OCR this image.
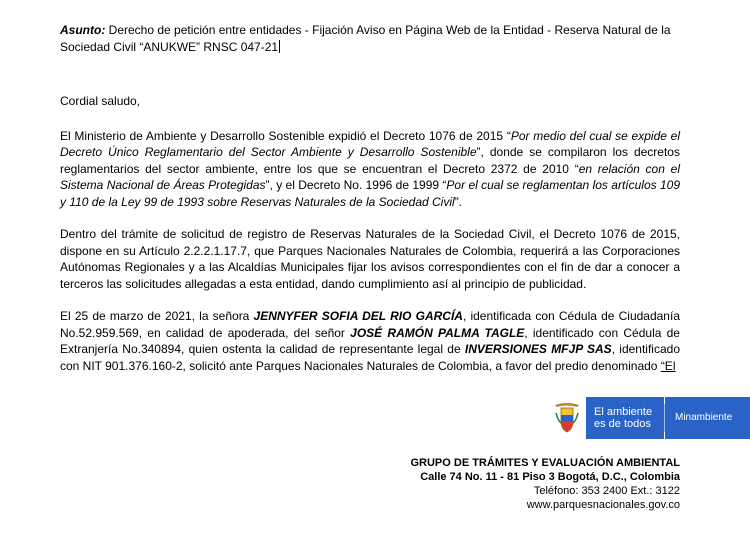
Asunto: Derecho de petición entre entidades - Fijación Aviso en Página Web de la Entidad - Reserva Natural de la
Sociedad Civil “ANUKWE” RNSC 047-21

Cordial saludo,

El Ministerio de Ambiente y Desarrollo Sostenible expidió el Decreto 1076 de 2015 “Por medio del cual se expide el Decreto Único Reglamentario del Sector Ambiente y Desarrollo Sostenible”, donde se compilaron los decretos reglamentarios del sector ambiente, entre los que se encuentran el Decreto 2372 de 2010 “en relación con el Sistema Nacional de Áreas Protegidas”, y el Decreto No. 1996 de 1999 “Por el cual se reglamentan los artículos 109 y 110 de la Ley 99 de 1993 sobre Reservas Naturales de la Sociedad Civil”.

Dentro del trámite de solicitud de registro de Reservas Naturales de la Sociedad Civil, el Decreto 1076 de 2015, dispone en su Artículo 2.2.2.1.17.7, que Parques Nacionales Naturales de Colombia, requerirá a las Corporaciones Autónomas Regionales y a las Alcaldías Municipales fijar los avisos correspondientes con el fin de dar a conocer a terceros las solicitudes allegadas a esta entidad, dando cumplimiento así al principio de publicidad.

El 25 de marzo de 2021, la señora JENNYFER SOFIA DEL RIO GARCÍA, identificada con Cédula de Ciudadanía No.52.959.569, en calidad de apoderada, del señor JOSÉ RAMÓN PALMA TAGLE, identificado con Cédula de Extranjería No.340894, quien ostenta la calidad de representante legal de INVERSIONES MFJP SAS, identificado con NIT 901.376.160-2, solicitó ante Parques Nacionales Naturales de Colombia, a favor del predio denominado “El

El ambiente
es de todos
Minambiente
GRUPO DE TRÁMITES Y EVALUACIÓN AMBIENTAL
Calle 74 No. 11 - 81 Piso 3 Bogotá, D.C., Colombia
Teléfono: 353 2400 Ext.: 3122
www.parquesnacionales.gov.co
